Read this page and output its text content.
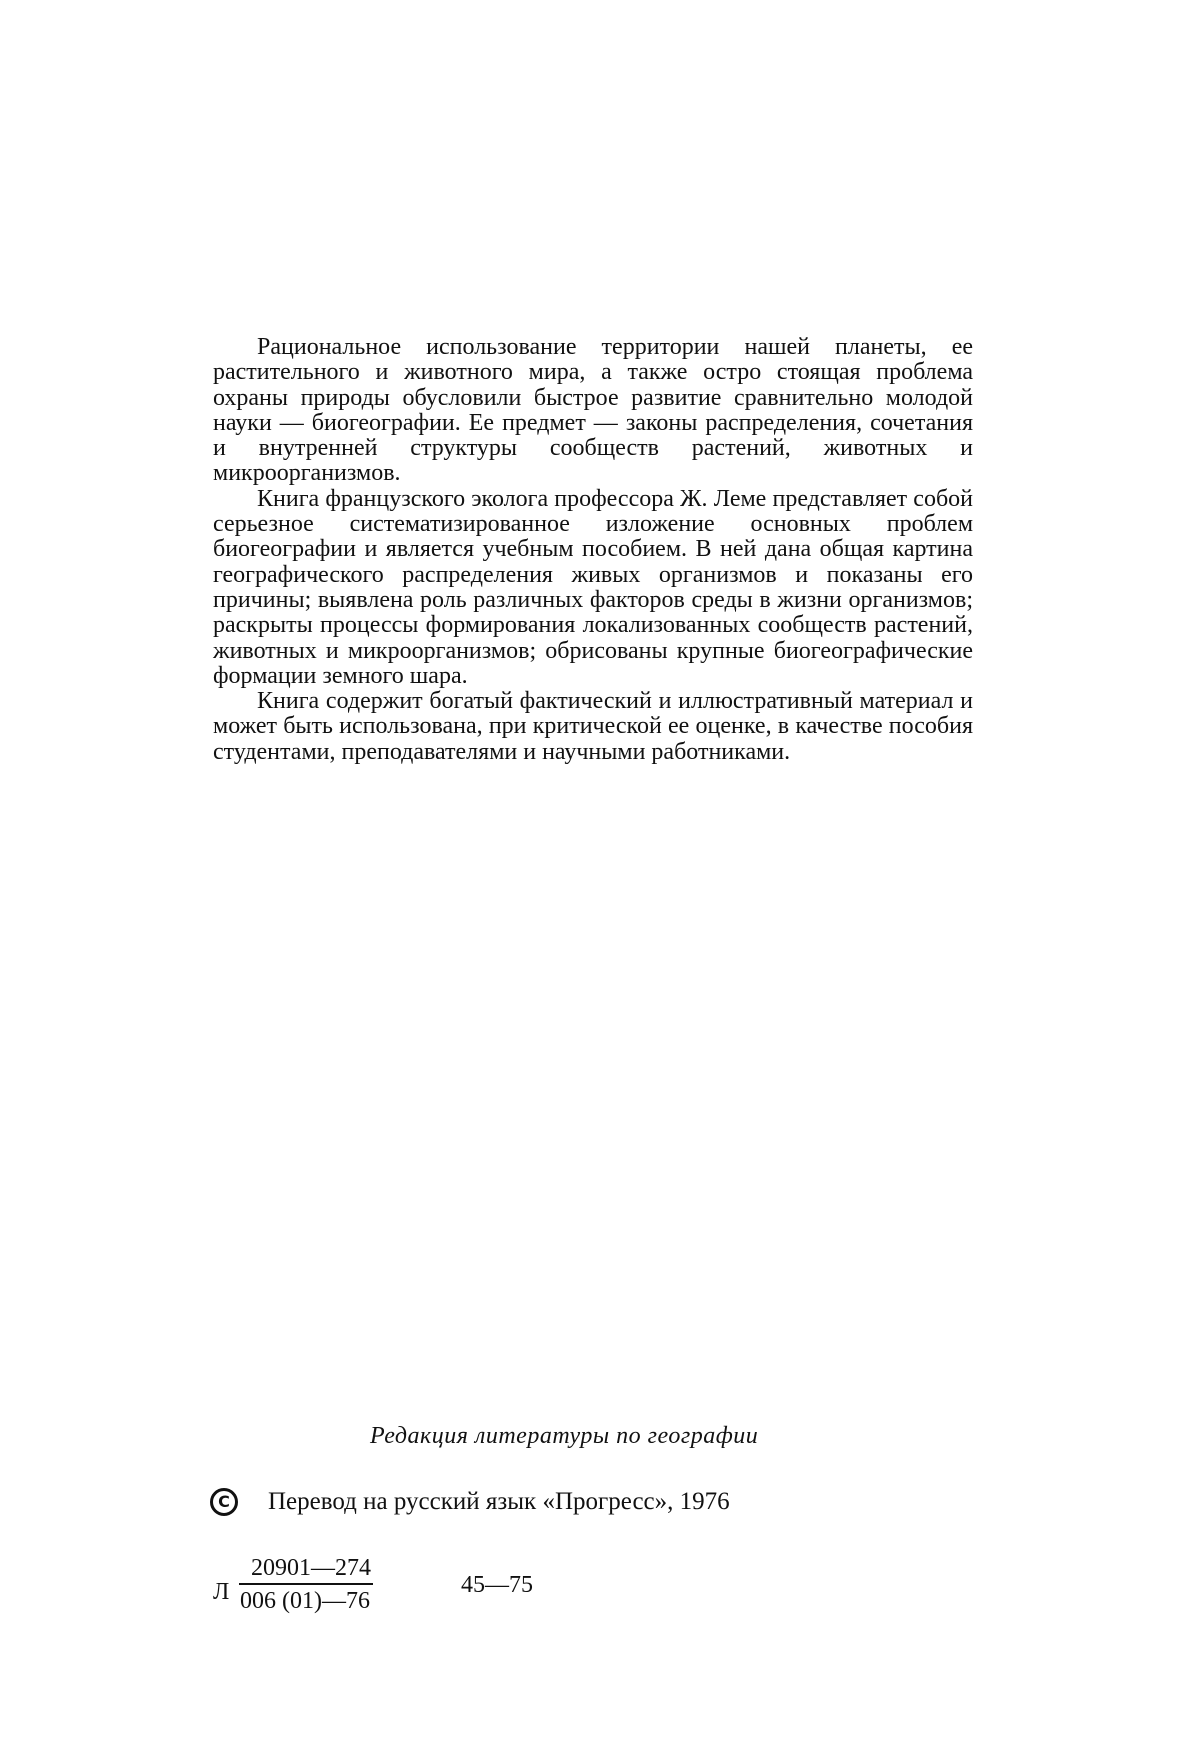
Рациональное использование территории нашей планеты, ее растительного и животного мира, а также остро стоящая проблема охраны природы обусловили быстрое развитие сравнительно молодой науки — биогеографии. Ее предмет — законы распределения, сочетания и внутренней структуры сообществ растений, животных и микроорганизмов.

Книга французского эколога профессора Ж. Леме представляет собой серьезное систематизированное изложение основных проблем биогеографии и является учебным пособием. В ней дана общая картина географического распределения живых организмов и показаны его причины; выявлена роль различных факторов среды в жизни организмов; раскрыты процессы формирования локализованных сообществ растений, животных и микроорганизмов; обрисованы крупные биогеографические формации земного шара.

Книга содержит богатый фактический и иллюстративный материал и может быть использована, при критической ее оценке, в качестве пособия студентами, преподавателями и научными работниками.

Редакция литературы по географии
C	Перевод на русский язык «Прогресс», 1976
Л $\frac{20901—274}{006 (01)—76}$	45—75
